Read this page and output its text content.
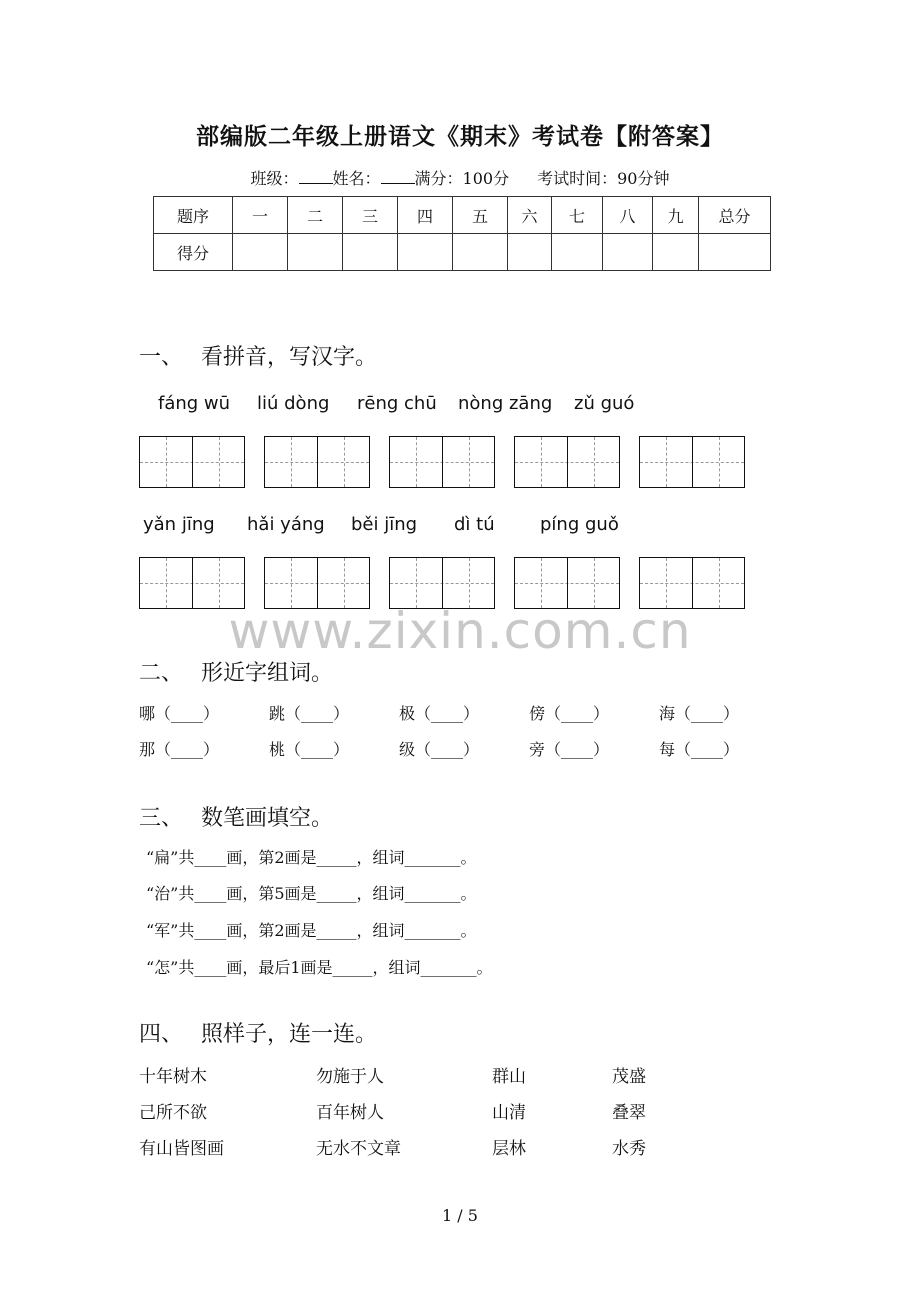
部编版二年级上册语文《期末》考试卷【附答案】
班级： 姓名： 满分：100分 考试时间：90分钟
题序	一	二	三	四	五	六	七	八	九	总分
得分										
一、 看拼音，写汉字。
fáng wū liú dòng rēng chū nòng zāng zǔ guó
yǎn jīng hǎi yáng běi jīng dì tú	píng guǒ
www.zixin.com.cn
二、 形近字组词。
哪（____）	跳（____）	极（____）	傍（____）	海（____）
那（____）	桃（____）	级（____）	旁（____）	每（____）
三、 数笔画填空。
“扁”共____画，第2画是_____，组词_______。
“治”共____画，第5画是_____，组词_______。
“军”共____画，第2画是_____，组词_______。
“怎”共____画，最后1画是_____，组词_______。
四、 照样子，连一连。
十年树木	勿施于人	群山	茂盛
己所不欲	百年树人	山清	叠翠
有山皆图画	无水不文章	层林	水秀
1 / 5
